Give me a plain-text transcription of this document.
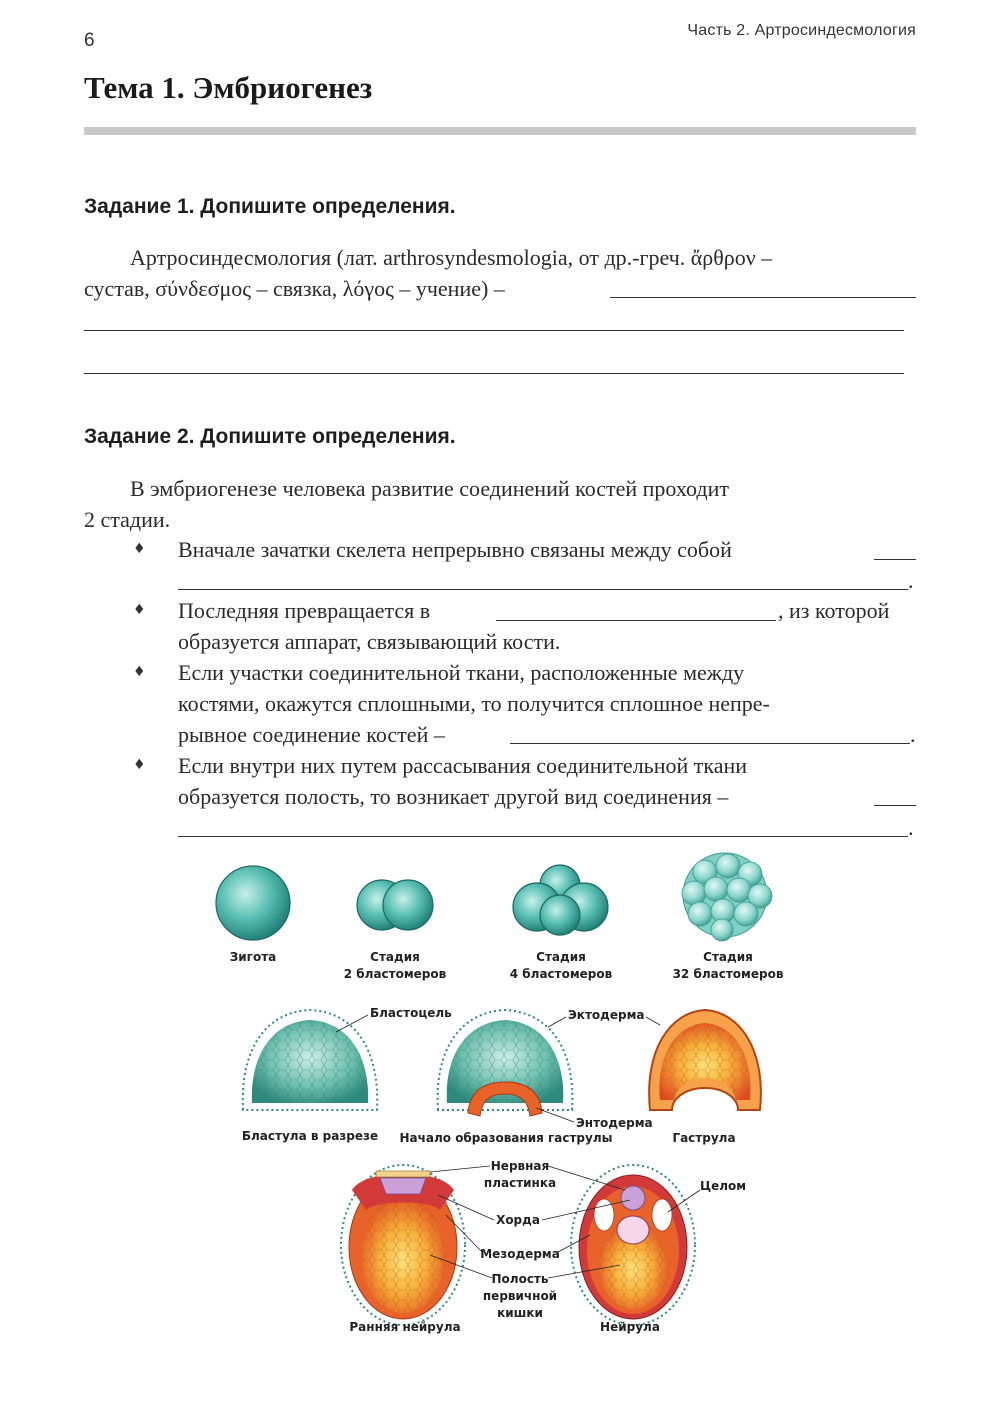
6	Часть 2. Артросиндесмология
Тема 1. Эмбриогенез
Задание 1. Допишите определения.
Артросиндесмология (лат. arthrosyndesmologia, от др.-греч. ἄρθρον –
сустав, σύνδεσμος – связка, λόγος – учение) –
Задание 2. Допишите определения.
В эмбриогенезе человека развитие соединений костей проходит
2 стадии.
♦ Вначале зачатки скелета непрерывно связаны между собой
.
♦ Последняя превращается в	, из которой
образуется аппарат, связывающий кости.
♦ Если участки соединительной ткани, расположенные между
костями, окажутся сплошными, то получится сплошное непре-
рывное соединение костей –	.
♦ Если внутри них путем рассасывания соединительной ткани
образуется полость, то возникает другой вид соединения –
.
Зигота	Стадия
2 бластомеров
Стадия
4 бластомеров
Стадия
32 бластомеров
Бластоцель	Эктодерма
Энтодерма
Бластула в разрезе Начало образования гаструлы	Гаструла
Нервная
пластинка	Целом
Хорда
Мезодерма
Полость
первичной
кишки
Ранняя нейрула	Нейрула
